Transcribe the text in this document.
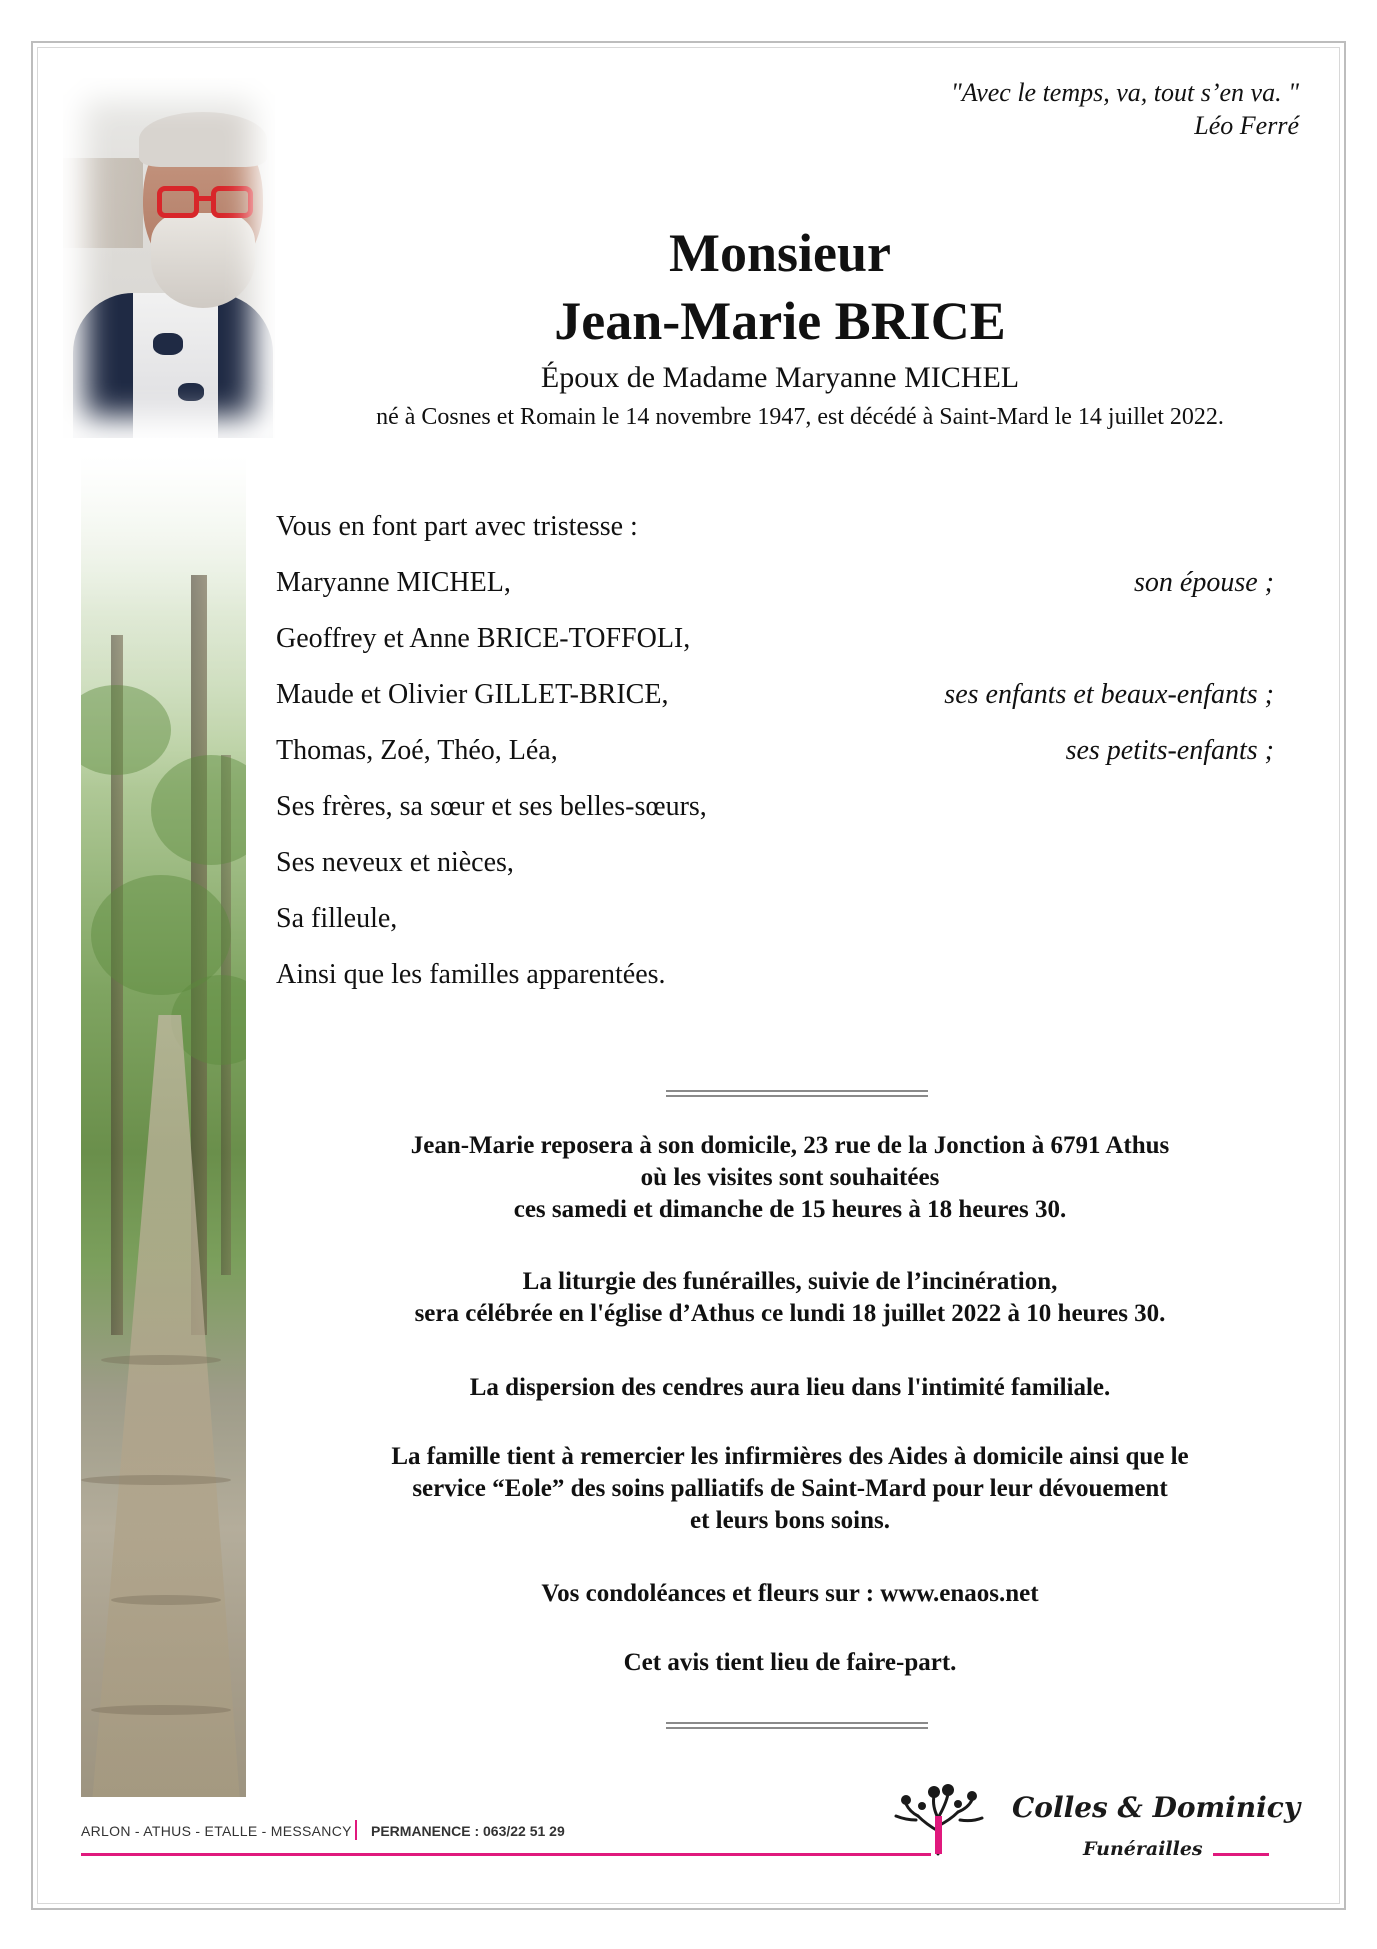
"Avec le temps, va, tout s’en va. "
Léo Ferré
Monsieur
Jean-Marie BRICE
Époux de Madame Maryanne MICHEL
né à Cosnes et Romain le 14 novembre 1947, est décédé à Saint-Mard le 14 juillet 2022.
Vous en font part avec tristesse :
Maryanne MICHEL,	son épouse ;
Geoffrey et Anne BRICE-TOFFOLI,
Maude et Olivier GILLET-BRICE,	ses enfants et beaux-enfants ;
Thomas, Zoé, Théo, Léa,	ses petits-enfants ;
Ses frères, sa sœur et ses belles-sœurs,
Ses neveux et nièces,
Sa filleule,
Ainsi que les familles apparentées.
Jean-Marie reposera à son domicile, 23 rue de la Jonction à 6791 Athus
où les visites sont souhaitées
ces samedi et dimanche de 15 heures à 18 heures 30.
La liturgie des funérailles, suivie de l’incinération,
sera célébrée en l'église d’Athus ce lundi 18 juillet 2022 à 10 heures 30.
La dispersion des cendres aura lieu dans l'intimité familiale.
La famille tient à remercier les infirmières des Aides à domicile ainsi que le
service “Eole” des soins palliatifs de Saint-Mard pour leur dévouement
et leurs bons soins.
Vos condoléances et fleurs sur : www.enaos.net
Cet avis tient lieu de faire-part.
ARLON - ATHUS - ETALLE - MESSANCY PERMANENCE : 063/22 51 29
Colles & Dominicy
Funérailles
